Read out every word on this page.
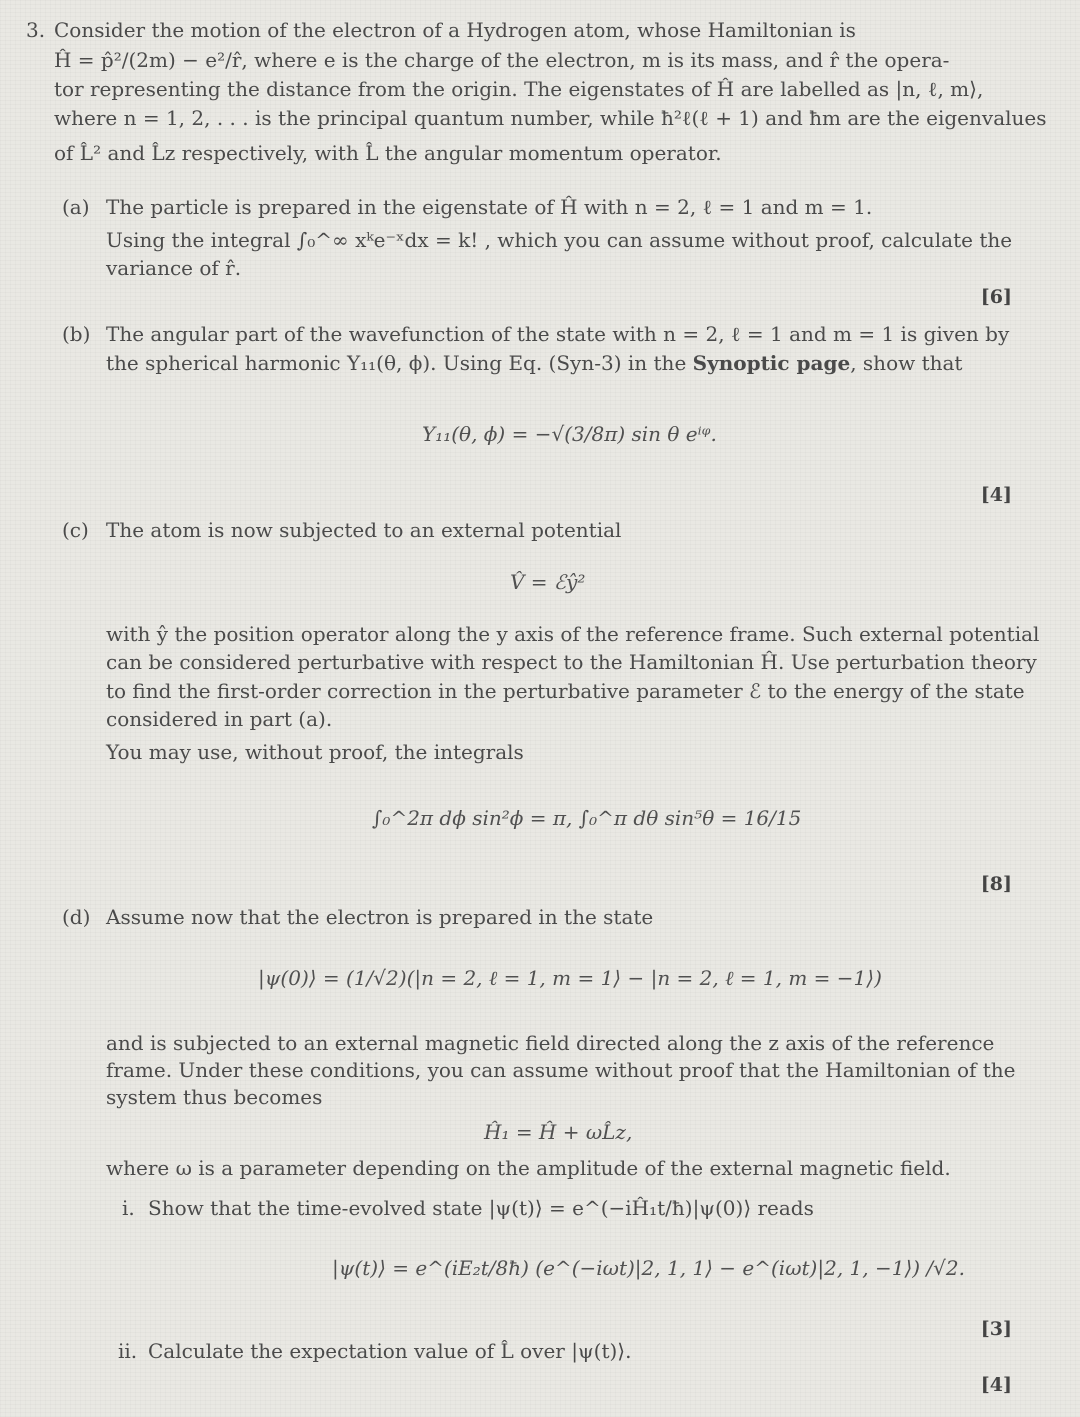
3. Consider the motion of the electron of a Hydrogen atom, whose Hamiltonian is
Ĥ = p̂²/(2m) − e²/r̂, where e is the charge of the electron, m is its mass, and r̂ the opera-
tor representing the distance from the origin. The eigenstates of Ĥ are labelled as |n, ℓ, m⟩,
where n = 1, 2, . . . is the principal quantum number, while ħ²ℓ(ℓ + 1) and ħm are the eigenvalues
of L̂² and L̂z respectively, with L̂ the angular momentum operator.
(a) The particle is prepared in the eigenstate of Ĥ with n = 2, ℓ = 1 and m = 1.
Using the integral ∫₀^∞ xᵏe⁻ˣdx = k! , which you can assume without proof, calculate the
variance of r̂.
[6]
(b) The angular part of the wavefunction of the state with n = 2, ℓ = 1 and m = 1 is given by
the spherical harmonic Y₁₁(θ, ϕ). Using Eq. (Syn-3) in the Synoptic page, show that
Y₁₁(θ, ϕ) = −√(3/8π) sin θ eⁱᵠ.
[4]
(c) The atom is now subjected to an external potential
V̂ = ℰŷ²
with ŷ the position operator along the y axis of the reference frame. Such external potential
can be considered perturbative with respect to the Hamiltonian Ĥ. Use perturbation theory
to find the first-order correction in the perturbative parameter ℰ to the energy of the state
considered in part (a).
You may use, without proof, the integrals
∫₀^2π dϕ sin²ϕ = π, ∫₀^π dθ sin⁵θ = 16/15
[8]
(d) Assume now that the electron is prepared in the state
|ψ(0)⟩ = (1/√2)(|n = 2, ℓ = 1, m = 1⟩ − |n = 2, ℓ = 1, m = −1⟩)
and is subjected to an external magnetic field directed along the z axis of the reference
frame. Under these conditions, you can assume without proof that the Hamiltonian of the
system thus becomes
Ĥ₁ = Ĥ + ωL̂z,
where ω is a parameter depending on the amplitude of the external magnetic field.
i. Show that the time-evolved state |ψ(t)⟩ = e^(−iĤ₁t/ħ)|ψ(0)⟩ reads
|ψ(t)⟩ = e^(iE₂t/8ħ) (e^(−iωt)|2, 1, 1⟩ − e^(iωt)|2, 1, −1⟩) /√2.
[3]
ii. Calculate the expectation value of L̂ over |ψ(t)⟩.
[4]
